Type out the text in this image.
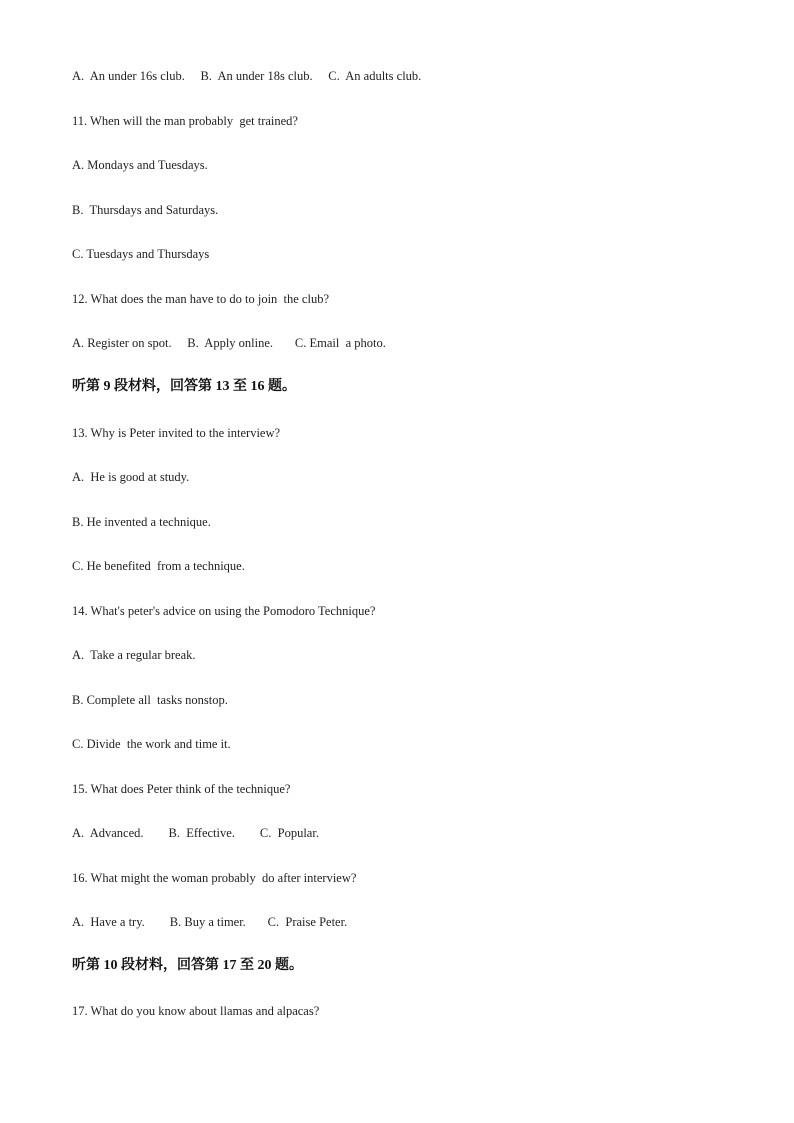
A.  An under 16s club.     B.  An under 18s club.     C.  An adults club.
11. When will the man probably  get trained?
A. Mondays and Tuesdays.
B.  Thursdays and Saturdays.
C. Tuesdays and Thursdays
12. What does the man have to do to join  the club?
A. Register on spot.     B.  Apply online.       C. Email  a photo.
听第 9 段材料，回答第 13 至 16 题。
13. Why is Peter invited to the interview?
A.  He is good at study.
B. He invented a technique.
C. He benefited  from a technique.
14. What's peter's advice on using the Pomodoro Technique?
A.  Take a regular break.
B. Complete all  tasks nonstop.
C. Divide  the work and time it.
15. What does Peter think of the technique?
A.  Advanced.        B.  Effective.        C.  Popular.
16. What might the woman probably  do after interview?
A.  Have a try.        B. Buy a timer.       C.  Praise Peter.
听第 10 段材料，回答第 17 至 20 题。
17. What do you know about llamas and alpacas?
